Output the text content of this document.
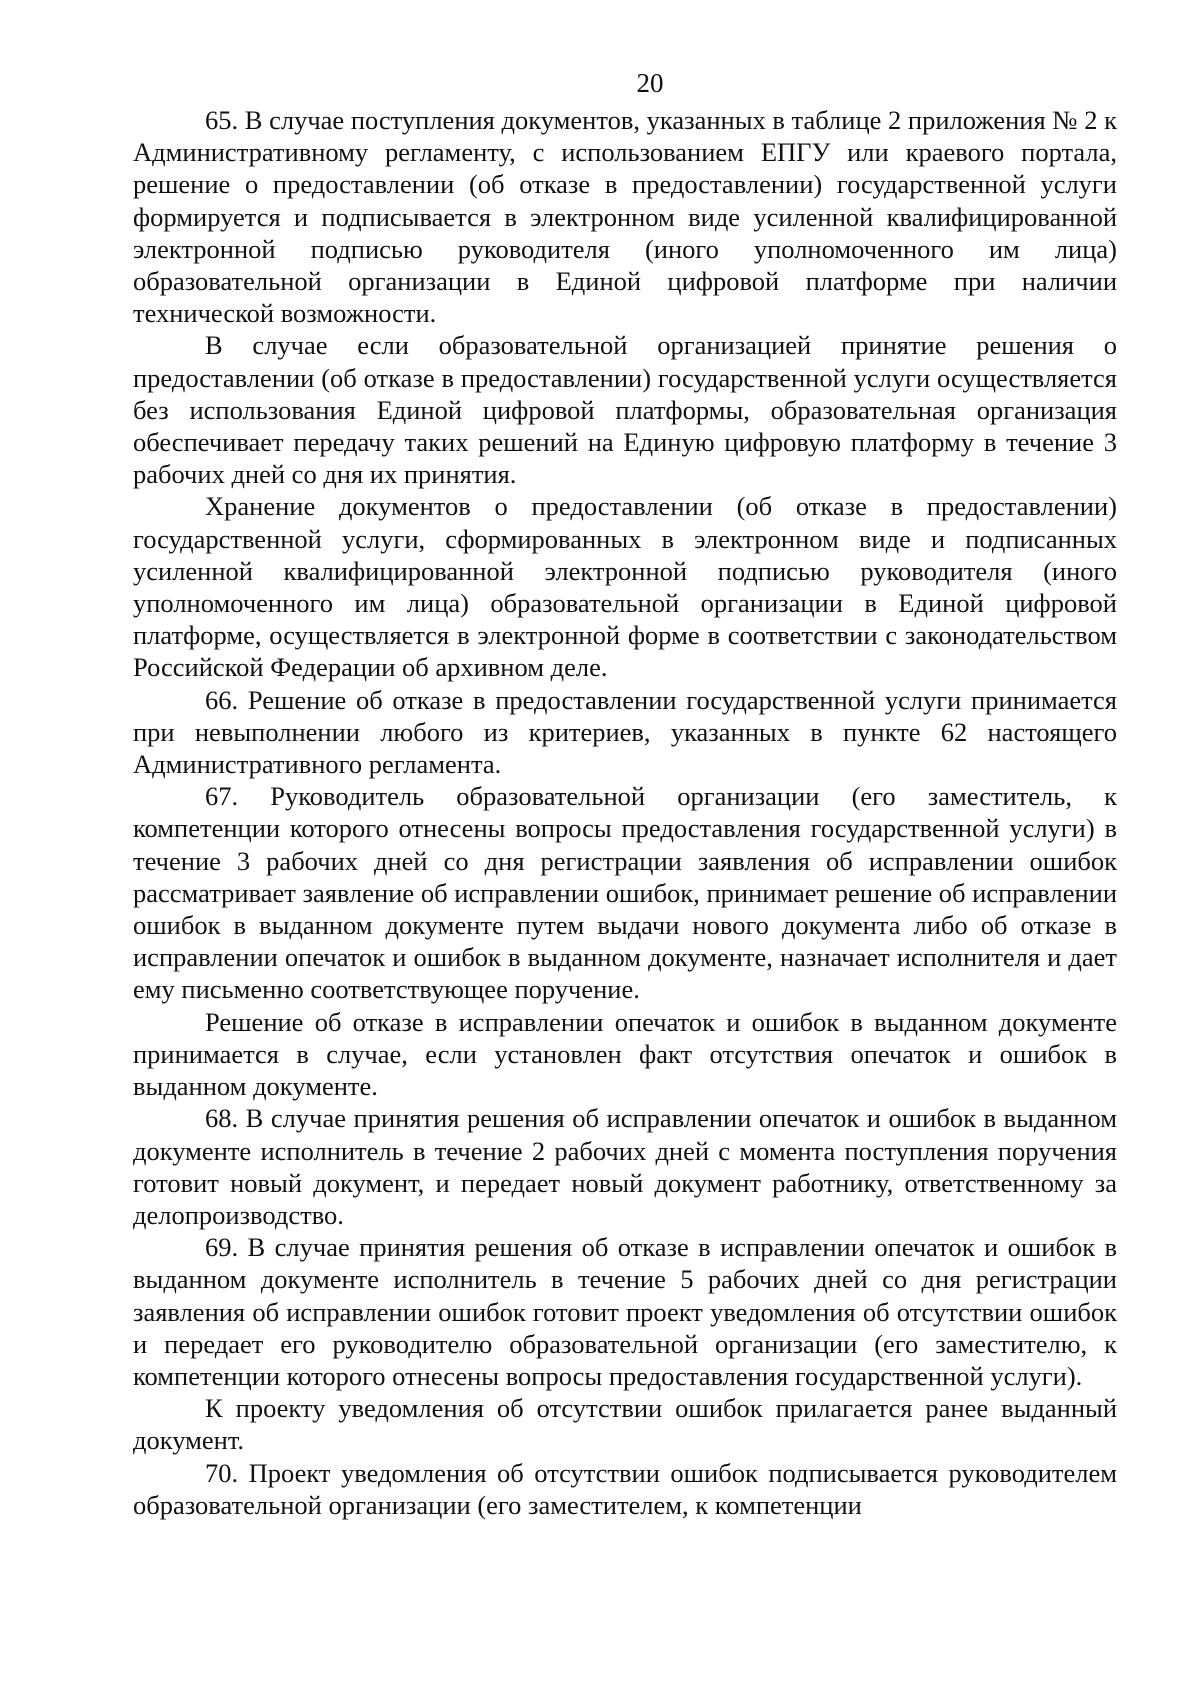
20

65. В случае поступления документов, указанных в таблице 2 приложения № 2 к Административному регламенту, с использованием ЕПГУ или краевого портала, решение о предоставлении (об отказе в предоставлении) государственной услуги формируется и подписывается в электронном виде усиленной квалифицированной электронной подписью руководителя (иного уполномоченного им лица) образовательной организации в Единой цифровой платформе при наличии технической возможности.

В случае если образовательной организацией принятие решения о предоставлении (об отказе в предоставлении) государственной услуги осуществляется без использования Единой цифровой платформы, образовательная организация обеспечивает передачу таких решений на Единую цифровую платформу в течение 3 рабочих дней со дня их принятия.

Хранение документов о предоставлении (об отказе в предоставлении) государственной услуги, сформированных в электронном виде и подписанных усиленной квалифицированной электронной подписью руководителя (иного уполномоченного им лица) образовательной организации в Единой цифровой платформе, осуществляется в электронной форме в соответствии с законодательством Российской Федерации об архивном деле.

66. Решение об отказе в предоставлении государственной услуги принимается при невыполнении любого из критериев, указанных в пункте 62 настоящего Административного регламента.

67. Руководитель образовательной организации (его заместитель, к компетенции которого отнесены вопросы предоставления государственной услуги) в течение 3 рабочих дней со дня регистрации заявления об исправлении ошибок рассматривает заявление об исправлении ошибок, принимает решение об исправлении ошибок в выданном документе путем выдачи нового документа либо об отказе в исправлении опечаток и ошибок в выданном документе, назначает исполнителя и дает ему письменно соответствующее поручение.

Решение об отказе в исправлении опечаток и ошибок в выданном документе принимается в случае, если установлен факт отсутствия опечаток и ошибок в выданном документе.

68. В случае принятия решения об исправлении опечаток и ошибок в выданном документе исполнитель в течение 2 рабочих дней с момента поступления поручения готовит новый документ, и передает новый документ работнику, ответственному за делопроизводство.

69. В случае принятия решения об отказе в исправлении опечаток и ошибок в выданном документе исполнитель в течение 5 рабочих дней со дня регистрации заявления об исправлении ошибок готовит проект уведомления об отсутствии ошибок и передает его руководителю образовательной организации (его заместителю, к компетенции которого отнесены вопросы предоставления государственной услуги).

К проекту уведомления об отсутствии ошибок прилагается ранее выданный документ.

70. Проект уведомления об отсутствии ошибок подписывается руководителем образовательной организации (его заместителем, к компетенции
